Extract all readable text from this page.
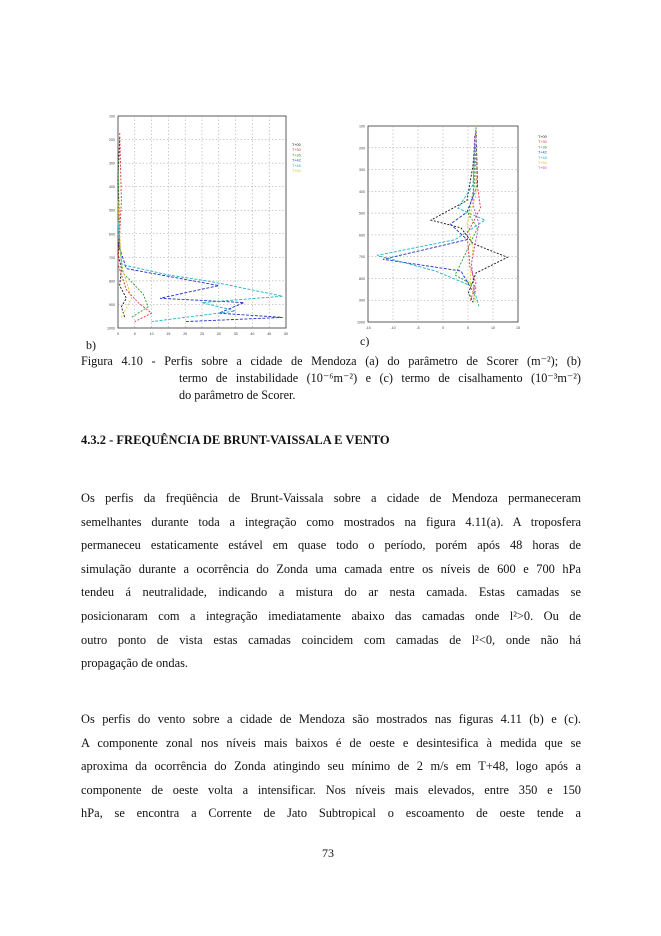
100
200
300
400
500
600
700
800
900
1000
0	5	10	15	20	25	30	35	40	45	50
T+00
T+30
T+36
T+42
T+48
T+54
b)
100
200
300
400
500
600
700
800
900
1000
-15	-10	-5	0	5	10	15
T+00
T+30
T+36
T+42
T+48
T+54
T+60
c)
Figura 4.10 - Perfis sobre a cidade de Mendoza (a) do parâmetro de Scorer (m⁻²); (b)
termo de instabilidade (10⁻⁶m⁻²) e (c) termo de cisalhamento (10⁻³m⁻²)
do parâmetro de Scorer.
4.3.2 - FREQUÊNCIA DE BRUNT-VAISSALA E VENTO
Os perfis da freqüência de Brunt-Vaissala sobre a cidade de Mendoza permaneceram
semelhantes durante toda a integração como mostrados na figura 4.11(a). A troposfera
permaneceu estaticamente estável em quase todo o período, porém após 48 horas de
simulação durante a ocorrência do Zonda uma camada entre os níveis de 600 e 700 hPa
tendeu á neutralidade, indicando a mistura do ar nesta camada. Estas camadas se
posicionaram com a integração imediatamente abaixo das camadas onde l²>0. Ou de
outro ponto de vista estas camadas coincidem com camadas de l²<0, onde não há
propagação de ondas.
Os perfis do vento sobre a cidade de Mendoza são mostrados nas figuras 4.11 (b) e (c).
A componente zonal nos níveis mais baixos é de oeste e desintesifica à medida que se
aproxima da ocorrência do Zonda atingindo seu mínimo de 2 m/s em T+48, logo após a
componente de oeste volta a intensificar. Nos níveis mais elevados, entre 350 e 150
hPa, se encontra a Corrente de Jato Subtropical o escoamento de oeste tende a
73
